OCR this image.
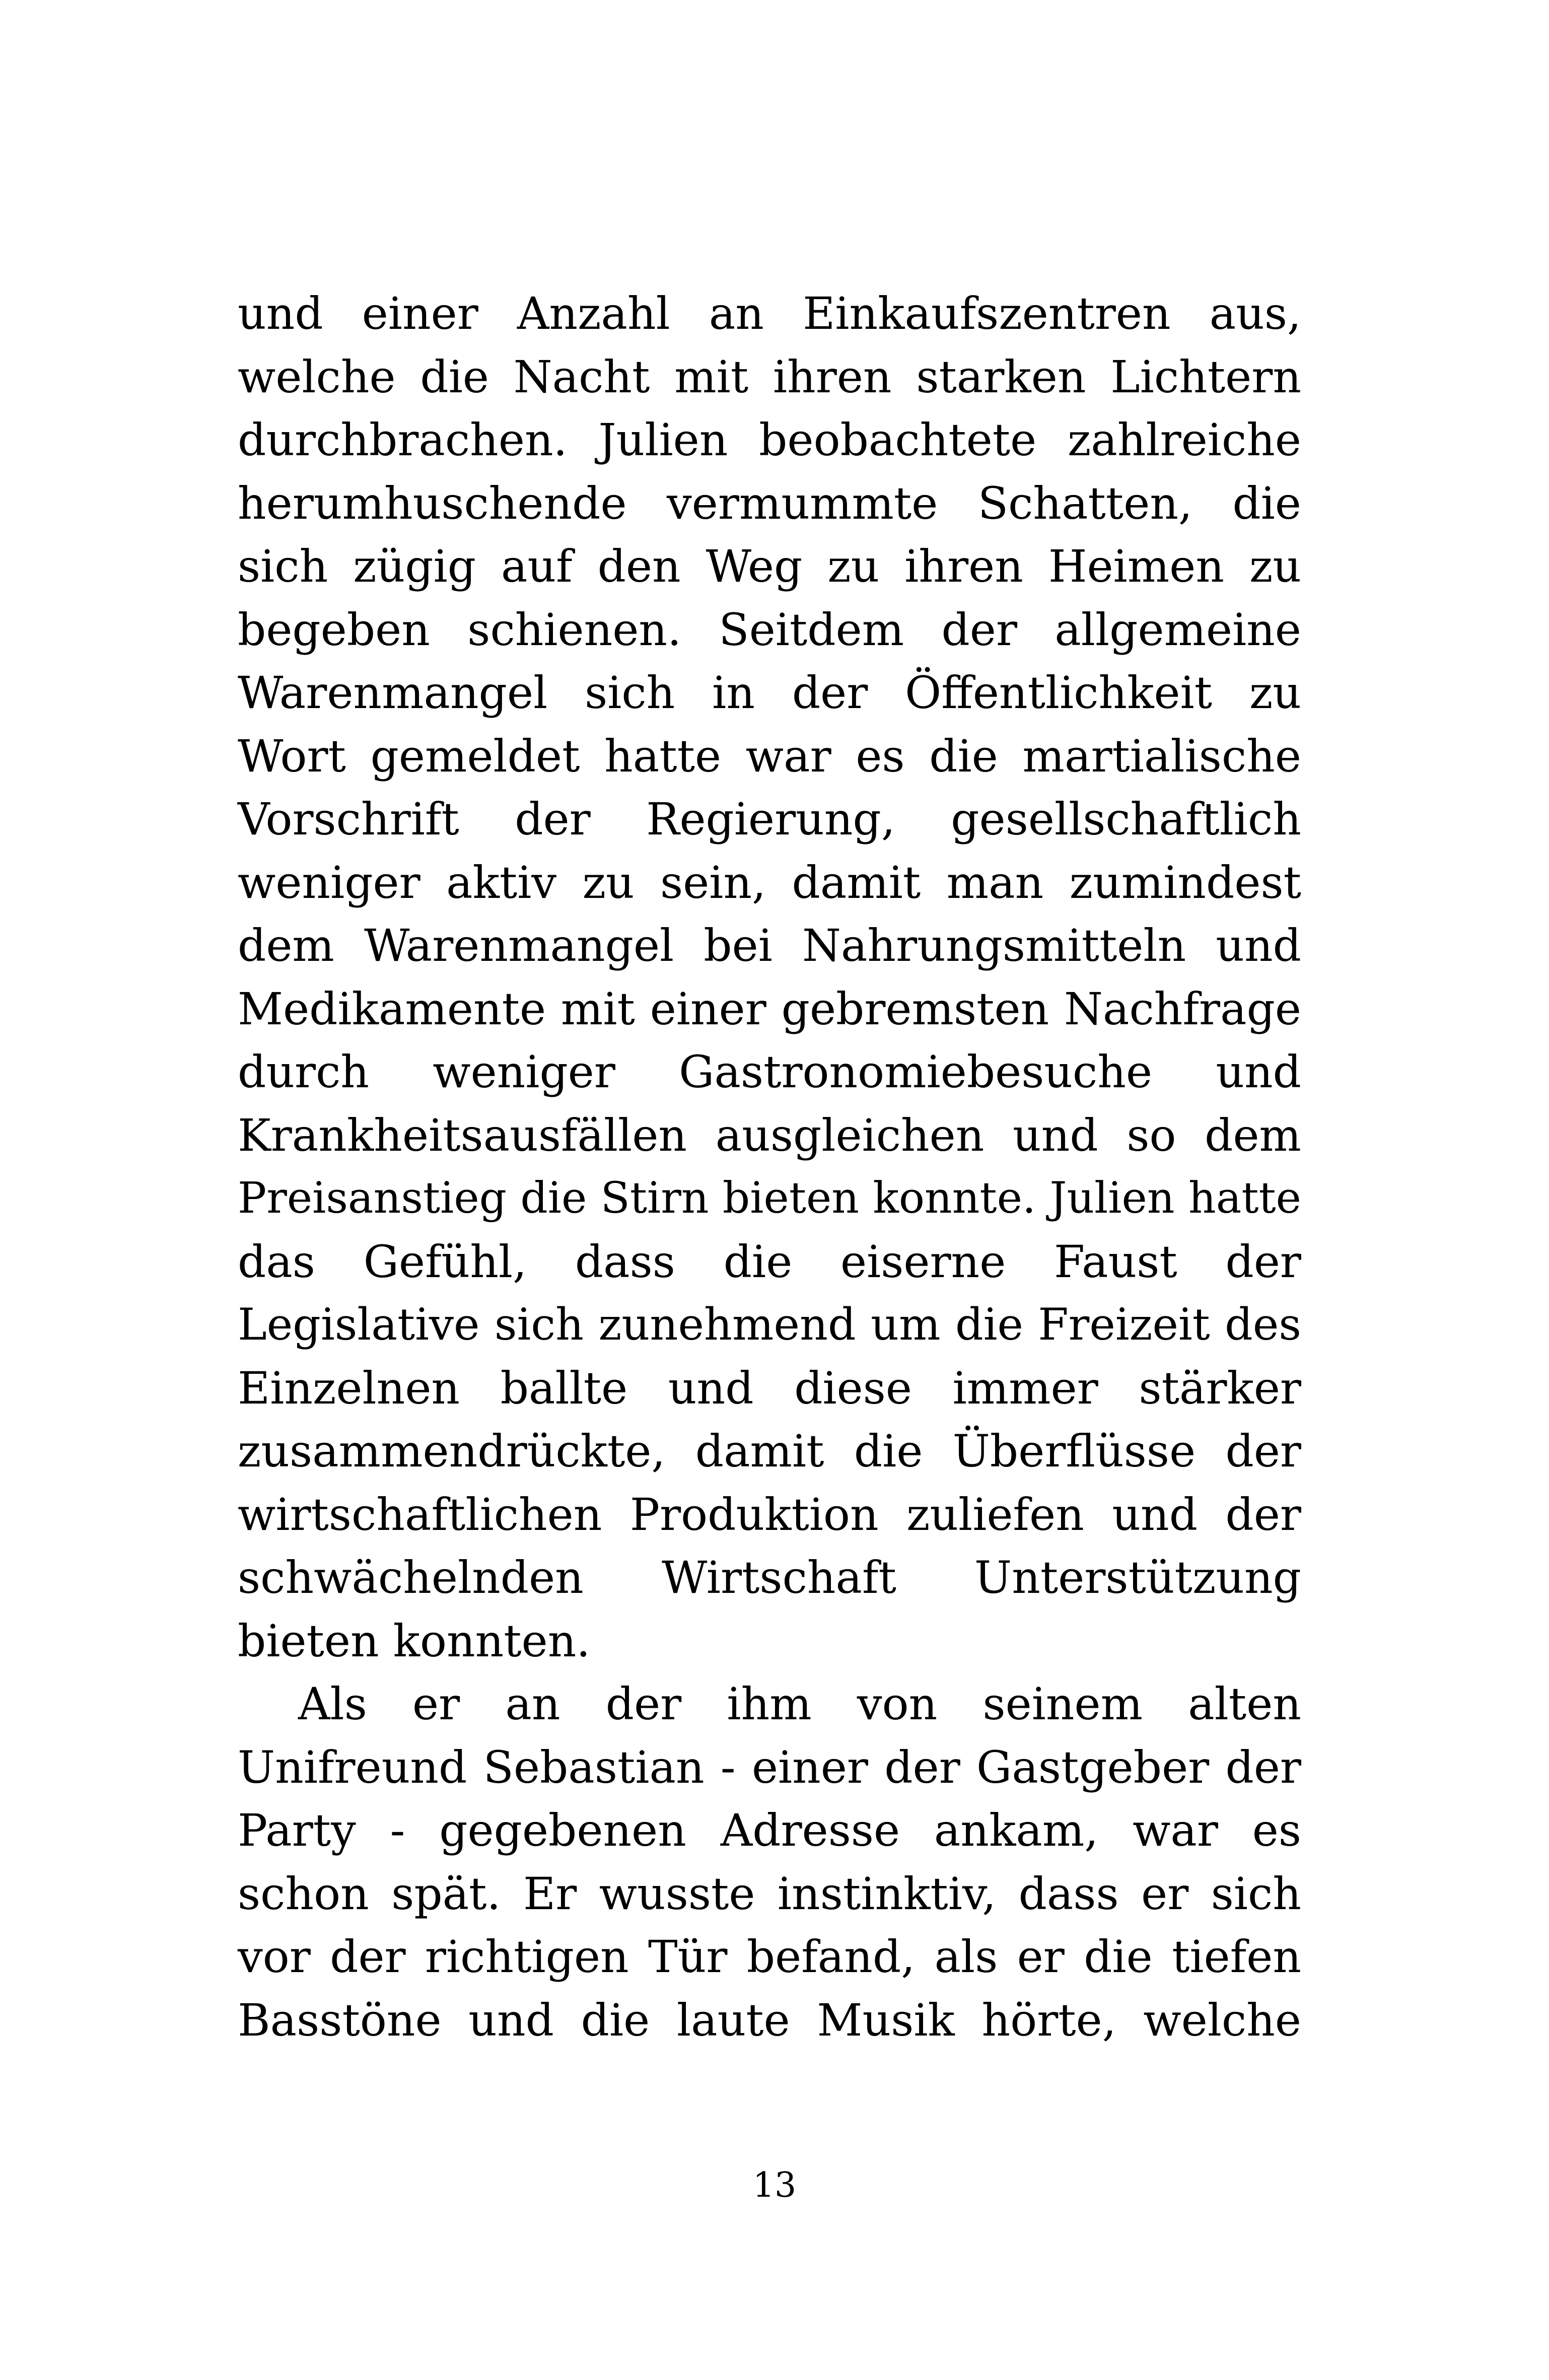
und einer Anzahl an Einkaufszentren aus,
welche die Nacht mit ihren starken Lichtern
durchbrachen. Julien beobachtete zahlreiche
herumhuschende vermummte Schatten, die
sich zügig auf den Weg zu ihren Heimen zu
begeben schienen. Seitdem der allgemeine
Warenmangel sich in der Öffentlichkeit zu
Wort gemeldet hatte war es die martialische
Vorschrift der Regierung, gesellschaftlich
weniger aktiv zu sein, damit man zumindest
dem Warenmangel bei Nahrungsmitteln und
Medikamente mit einer gebremsten Nachfrage
durch weniger Gastronomiebesuche und
Krankheitsausfällen ausgleichen und so dem
Preisanstieg die Stirn bieten konnte. Julien hatte
das Gefühl, dass die eiserne Faust der
Legislative sich zunehmend um die Freizeit des
Einzelnen ballte und diese immer stärker
zusammendrückte, damit die Überflüsse der
wirtschaftlichen Produktion zuliefen und der
schwächelnden Wirtschaft Unterstützung
bieten konnten.
Als er an der ihm von seinem alten
Unifreund Sebastian - einer der Gastgeber der
Party - gegebenen Adresse ankam, war es
schon spät. Er wusste instinktiv, dass er sich
vor der richtigen Tür befand, als er die tiefen
Basstöne und die laute Musik hörte, welche
13
